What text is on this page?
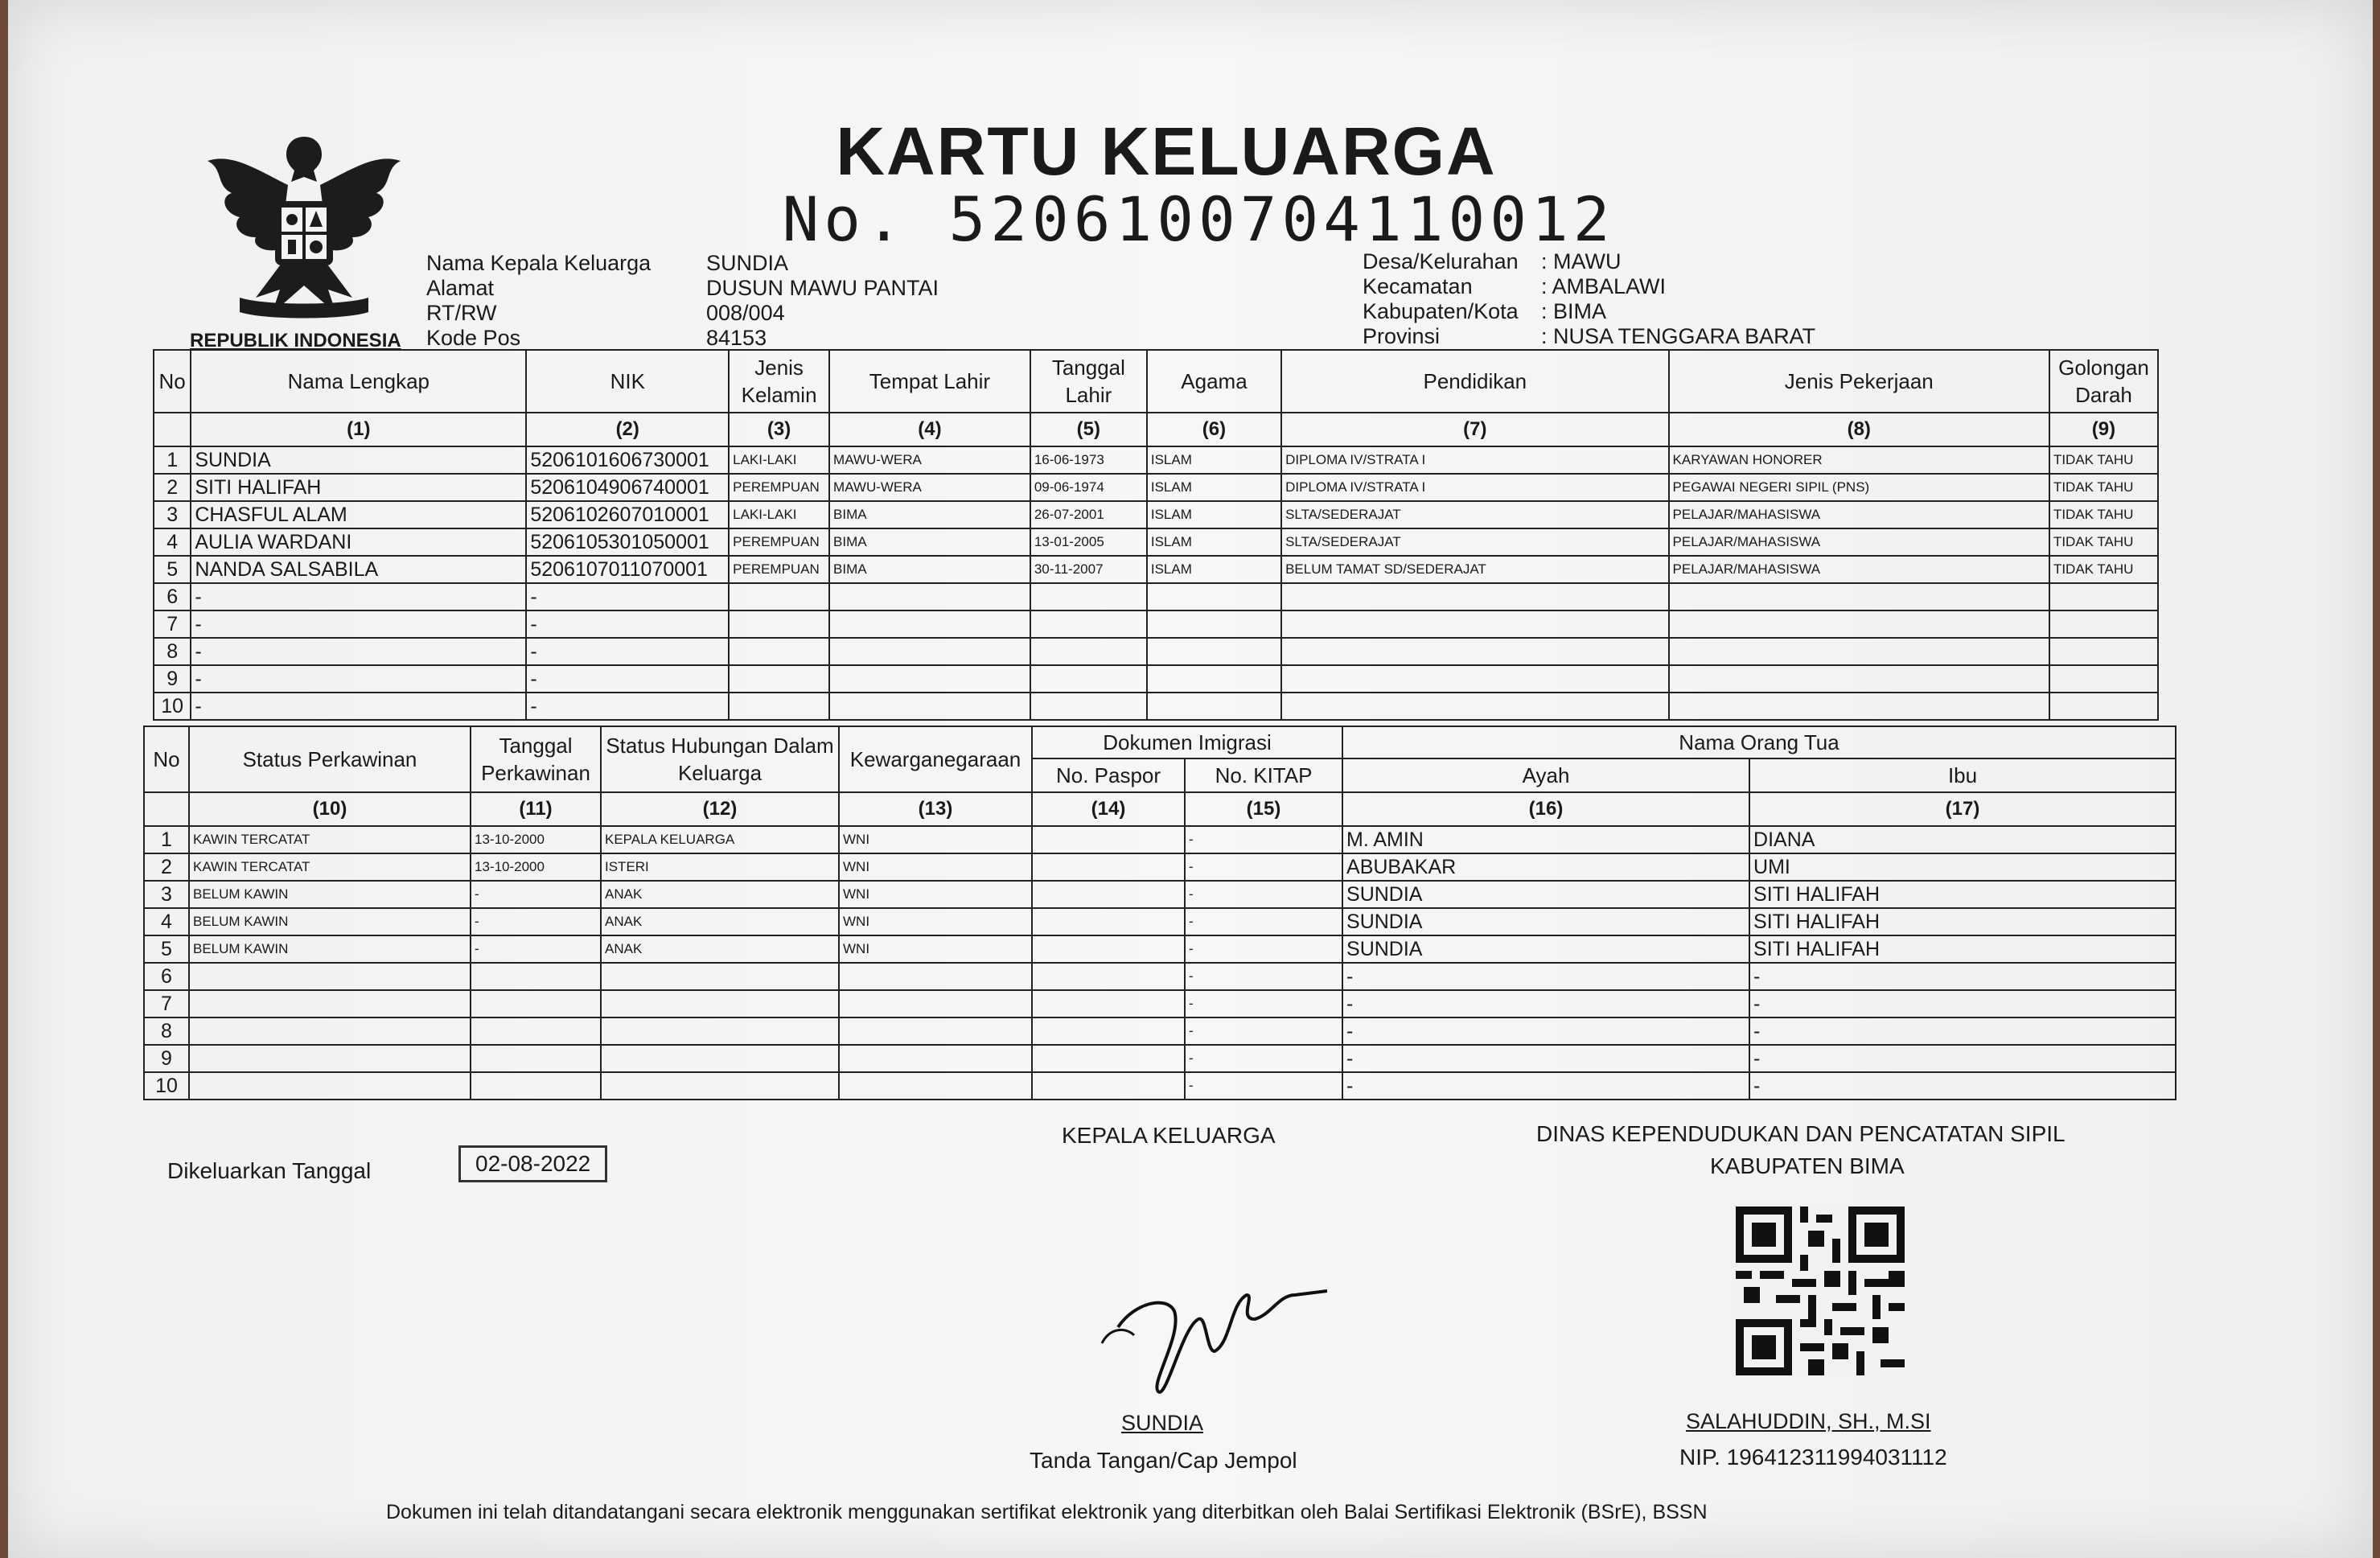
REPUBLIK INDONESIA
KARTU KELUARGA
No. 5206100704110012
Nama Kepala Keluarga	SUNDIA
Alamat	DUSUN MAWU PANTAI
RT/RW	008/004
Kode Pos	84153
Desa/Kelurahan : MAWU
Kecamatan	: AMBALAWI
Kabupaten/Kota : BIMA
Provinsi	: NUSA TENGGARA BARAT
No	Nama Lengkap	NIK	Jenis Kelamin	Tempat Lahir	Tanggal Lahir	Agama	Pendidikan	Jenis Pekerjaan	Golongan Darah
	(1)	(2)	(3)	(4)	(5)	(6)	(7)	(8)	(9)
1	SUNDIA	5206101606730001	LAKI-LAKI	MAWU-WERA	16-06-1973	ISLAM	DIPLOMA IV/STRATA I	KARYAWAN HONORER	TIDAK TAHU
2	SITI HALIFAH	5206104906740001	PEREMPUAN	MAWU-WERA	09-06-1974	ISLAM	DIPLOMA IV/STRATA I	PEGAWAI NEGERI SIPIL (PNS)	TIDAK TAHU
3	CHASFUL ALAM	5206102607010001	LAKI-LAKI	BIMA	26-07-2001	ISLAM	SLTA/SEDERAJAT	PELAJAR/MAHASISWA	TIDAK TAHU
4	AULIA WARDANI	5206105301050001	PEREMPUAN	BIMA	13-01-2005	ISLAM	SLTA/SEDERAJAT	PELAJAR/MAHASISWA	TIDAK TAHU
5	NANDA SALSABILA	5206107011070001	PEREMPUAN	BIMA	30-11-2007	ISLAM	BELUM TAMAT SD/SEDERAJAT	PELAJAR/MAHASISWA	TIDAK TAHU
6	-	-							
7	-	-							
8	-	-							
9	-	-							
10	-	-							
No	Status Perkawinan	Tanggal Perkawinan	Status Hubungan Dalam Keluarga	Kewarganegaraan	Dokumen Imigrasi		Nama Orang Tua	
					No. Paspor	No. KITAP	Ayah	Ibu
	(10)	(11)	(12)	(13)	(14)	(15)	(16)	(17)
1	KAWIN TERCATAT	13-10-2000	KEPALA KELUARGA	WNI		-	M. AMIN	DIANA
2	KAWIN TERCATAT	13-10-2000	ISTERI	WNI		-	ABUBAKAR	UMI
3	BELUM KAWIN	-	ANAK	WNI		-	SUNDIA	SITI HALIFAH
4	BELUM KAWIN	-	ANAK	WNI		-	SUNDIA	SITI HALIFAH
5	BELUM KAWIN	-	ANAK	WNI		-	SUNDIA	SITI HALIFAH
6						-	-	-
7						-	-	-
8						-	-	-
9						-	-	-
10						-	-	-
Dikeluarkan Tanggal	02-08-2022
KEPALA KELUARGA
SUNDIA
Tanda Tangan/Cap Jempol
DINAS KEPENDUDUKAN DAN PENCATATAN SIPIL
KABUPATEN BIMA
SALAHUDDIN, SH., M.SI
NIP. 196412311994031112
Dokumen ini telah ditandatangani secara elektronik menggunakan sertifikat elektronik yang diterbitkan oleh Balai Sertifikasi Elektronik (BSrE), BSSN
